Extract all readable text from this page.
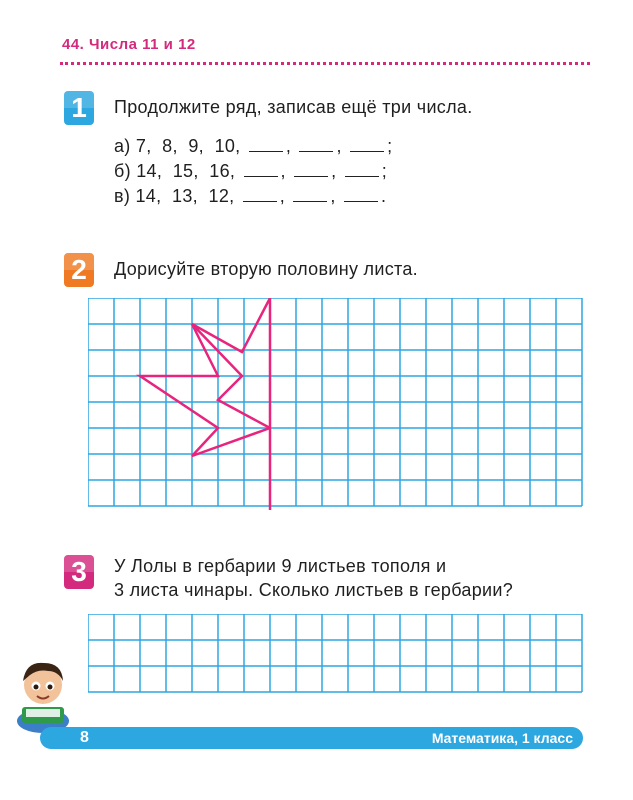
44. Числа 11 и 12
1	Продолжите ряд, записав ещё три числа.
а) 7,  8,  9,  10,	,	,	;
б) 14,  15,  16,	,	,	;
в) 14,  13,  12,	,	,	.
2	Дорисуйте вторую половину листа.
3	У Лолы в гербарии 9 листьев тополя и
3 листа чинары. Сколько листьев в гербарии?
8	Математика, 1 класс
